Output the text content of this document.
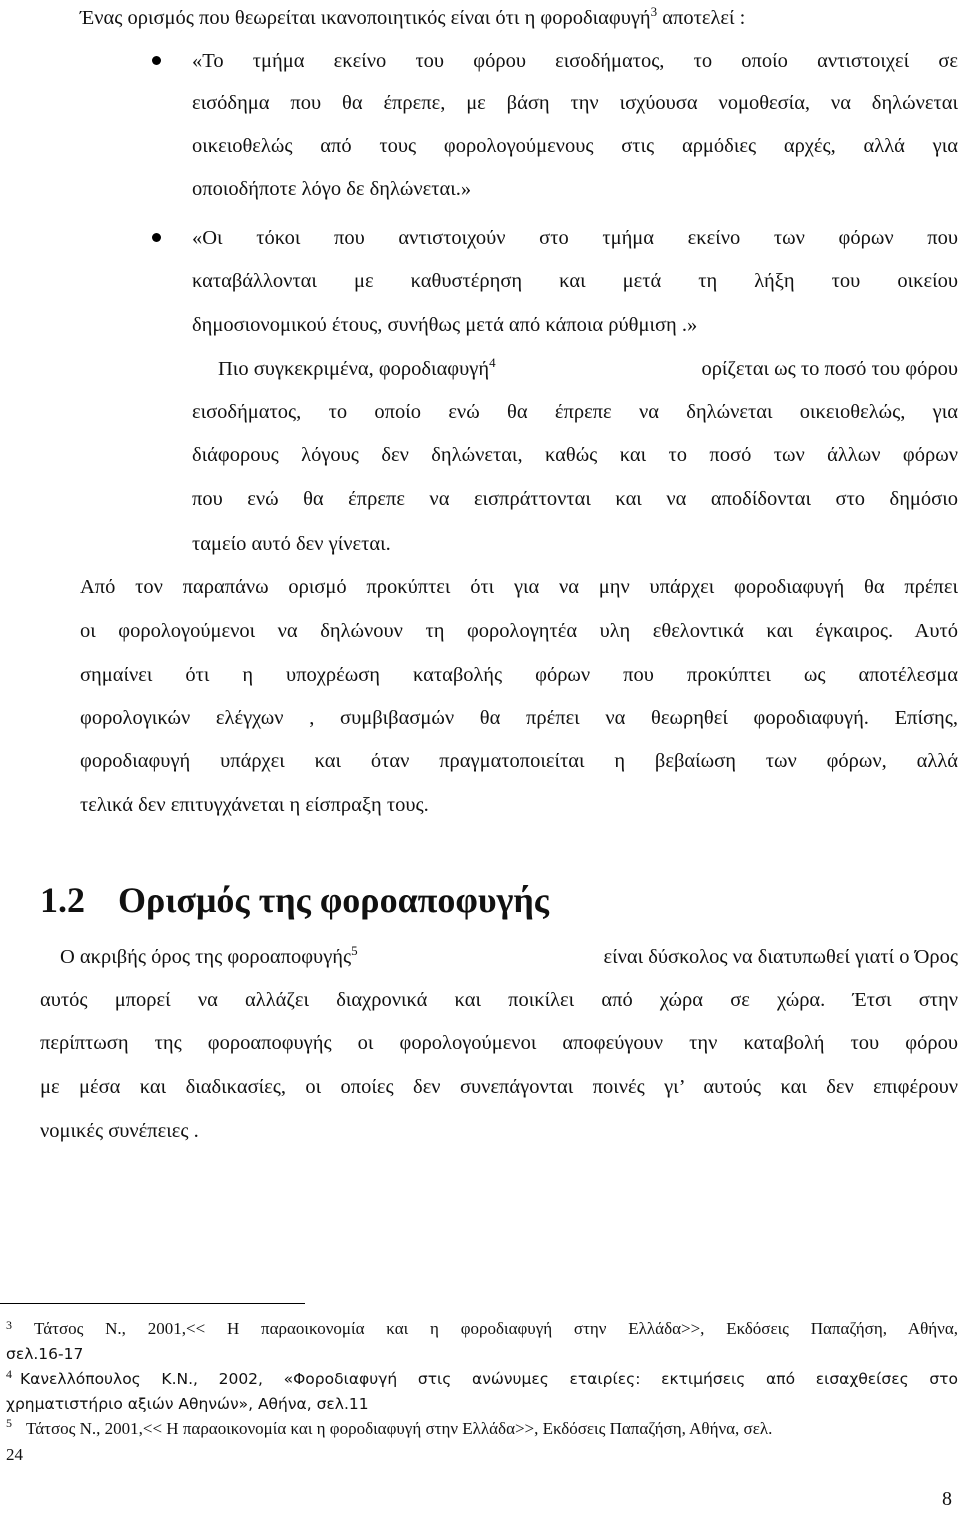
Ένας ορισμός που θεωρείται ικανοποιητικός είναι ότι η φοροδιαφυγή$^3$ αποτελεί :
«Το τμήμα εκείνο του φόρου εισοδήματος, το οποίο αντιστοιχεί σε
εισόδημα που θα έπρεπε, με βάση την ισχύουσα νομοθεσία, να δηλώνεται
οικειοθελώς από τους φορολογούμενους στις αρμόδιες αρχές, αλλά για
οποιοδήποτε λόγο δε δηλώνεται.»
«Οι τόκοι που αντιστοιχούν στο τμήμα εκείνο των φόρων που
καταβάλλονται με καθυστέρηση και μετά τη λήξη του οικείου
δημοσιονομικού έτους, συνήθως μετά από κάποια ρύθμιση .»
Πιο συγκεκριμένα, φοροδιαφυγή$^4$	ορίζεται ως το ποσό του φόρου
εισοδήματος, το οποίο ενώ θα έπρεπε να δηλώνεται οικειοθελώς, για
διάφορους λόγους δεν δηλώνεται, καθώς και το ποσό των άλλων φόρων
που ενώ θα έπρεπε να εισπράττονται και να αποδίδονται στο δημόσιο
ταμείο αυτό δεν γίνεται.
Από τον παραπάνω ορισμό προκύπτει ότι για να μην υπάρχει φοροδιαφυγή θα πρέπει
οι φορολογούμενοι να δηλώνουν τη φορολογητέα υλη εθελοντικά και έγκαιρος. Αυτό
σημαίνει ότι η υποχρέωση καταβολής φόρων που προκύπτει ως αποτέλεσμα
φορολογικών ελέγχων , συμβιβασμών θα πρέπει να θεωρηθεί φοροδιαφυγή. Επίσης,
φοροδιαφυγή υπάρχει και όταν πραγματοποιείται η βεβαίωση των φόρων, αλλά
τελικά δεν επιτυγχάνεται η είσπραξη τους.
1.2 Ορισμός της φοροαποφυγής
Ο ακριβής όρος της φοροαποφυγής$^5$	είναι δύσκολος να διατυπωθεί γιατί ο Όρος
αυτός μπορεί να αλλάζει διαχρονικά και ποικίλει από χώρα σε χώρα. Έτσι στην
περίπτωση της φοροαποφυγής οι φορολογούμενοι αποφεύγουν την καταβολή του φόρου
με μέσα και διαδικασίες, οι οποίες δεν συνεπάγονται ποινές γι’ αυτούς και δεν επιφέρουν
νομικές συνέπειες .
3 Τάτσος Ν., 2001,<< Η παραοικονομία και η φοροδιαφυγή στην Ελλάδα>>, Εκδόσεις Παπαζήση, Αθήνα,
σελ.16-17
4 Κανελλόπουλος Κ.Ν., 2002, «Φοροδιαφυγή στις ανώνυμες εταιρίες: εκτιμήσεις από εισαχθείσες στο
χρηματιστήριο αξιών Αθηνών», Αθήνα, σελ.11
5 Τάτσος Ν., 2001,<< Η παραοικονομία και η φοροδιαφυγή στην Ελλάδα>>, Εκδόσεις Παπαζήση, Αθήνα, σελ.
24
8
